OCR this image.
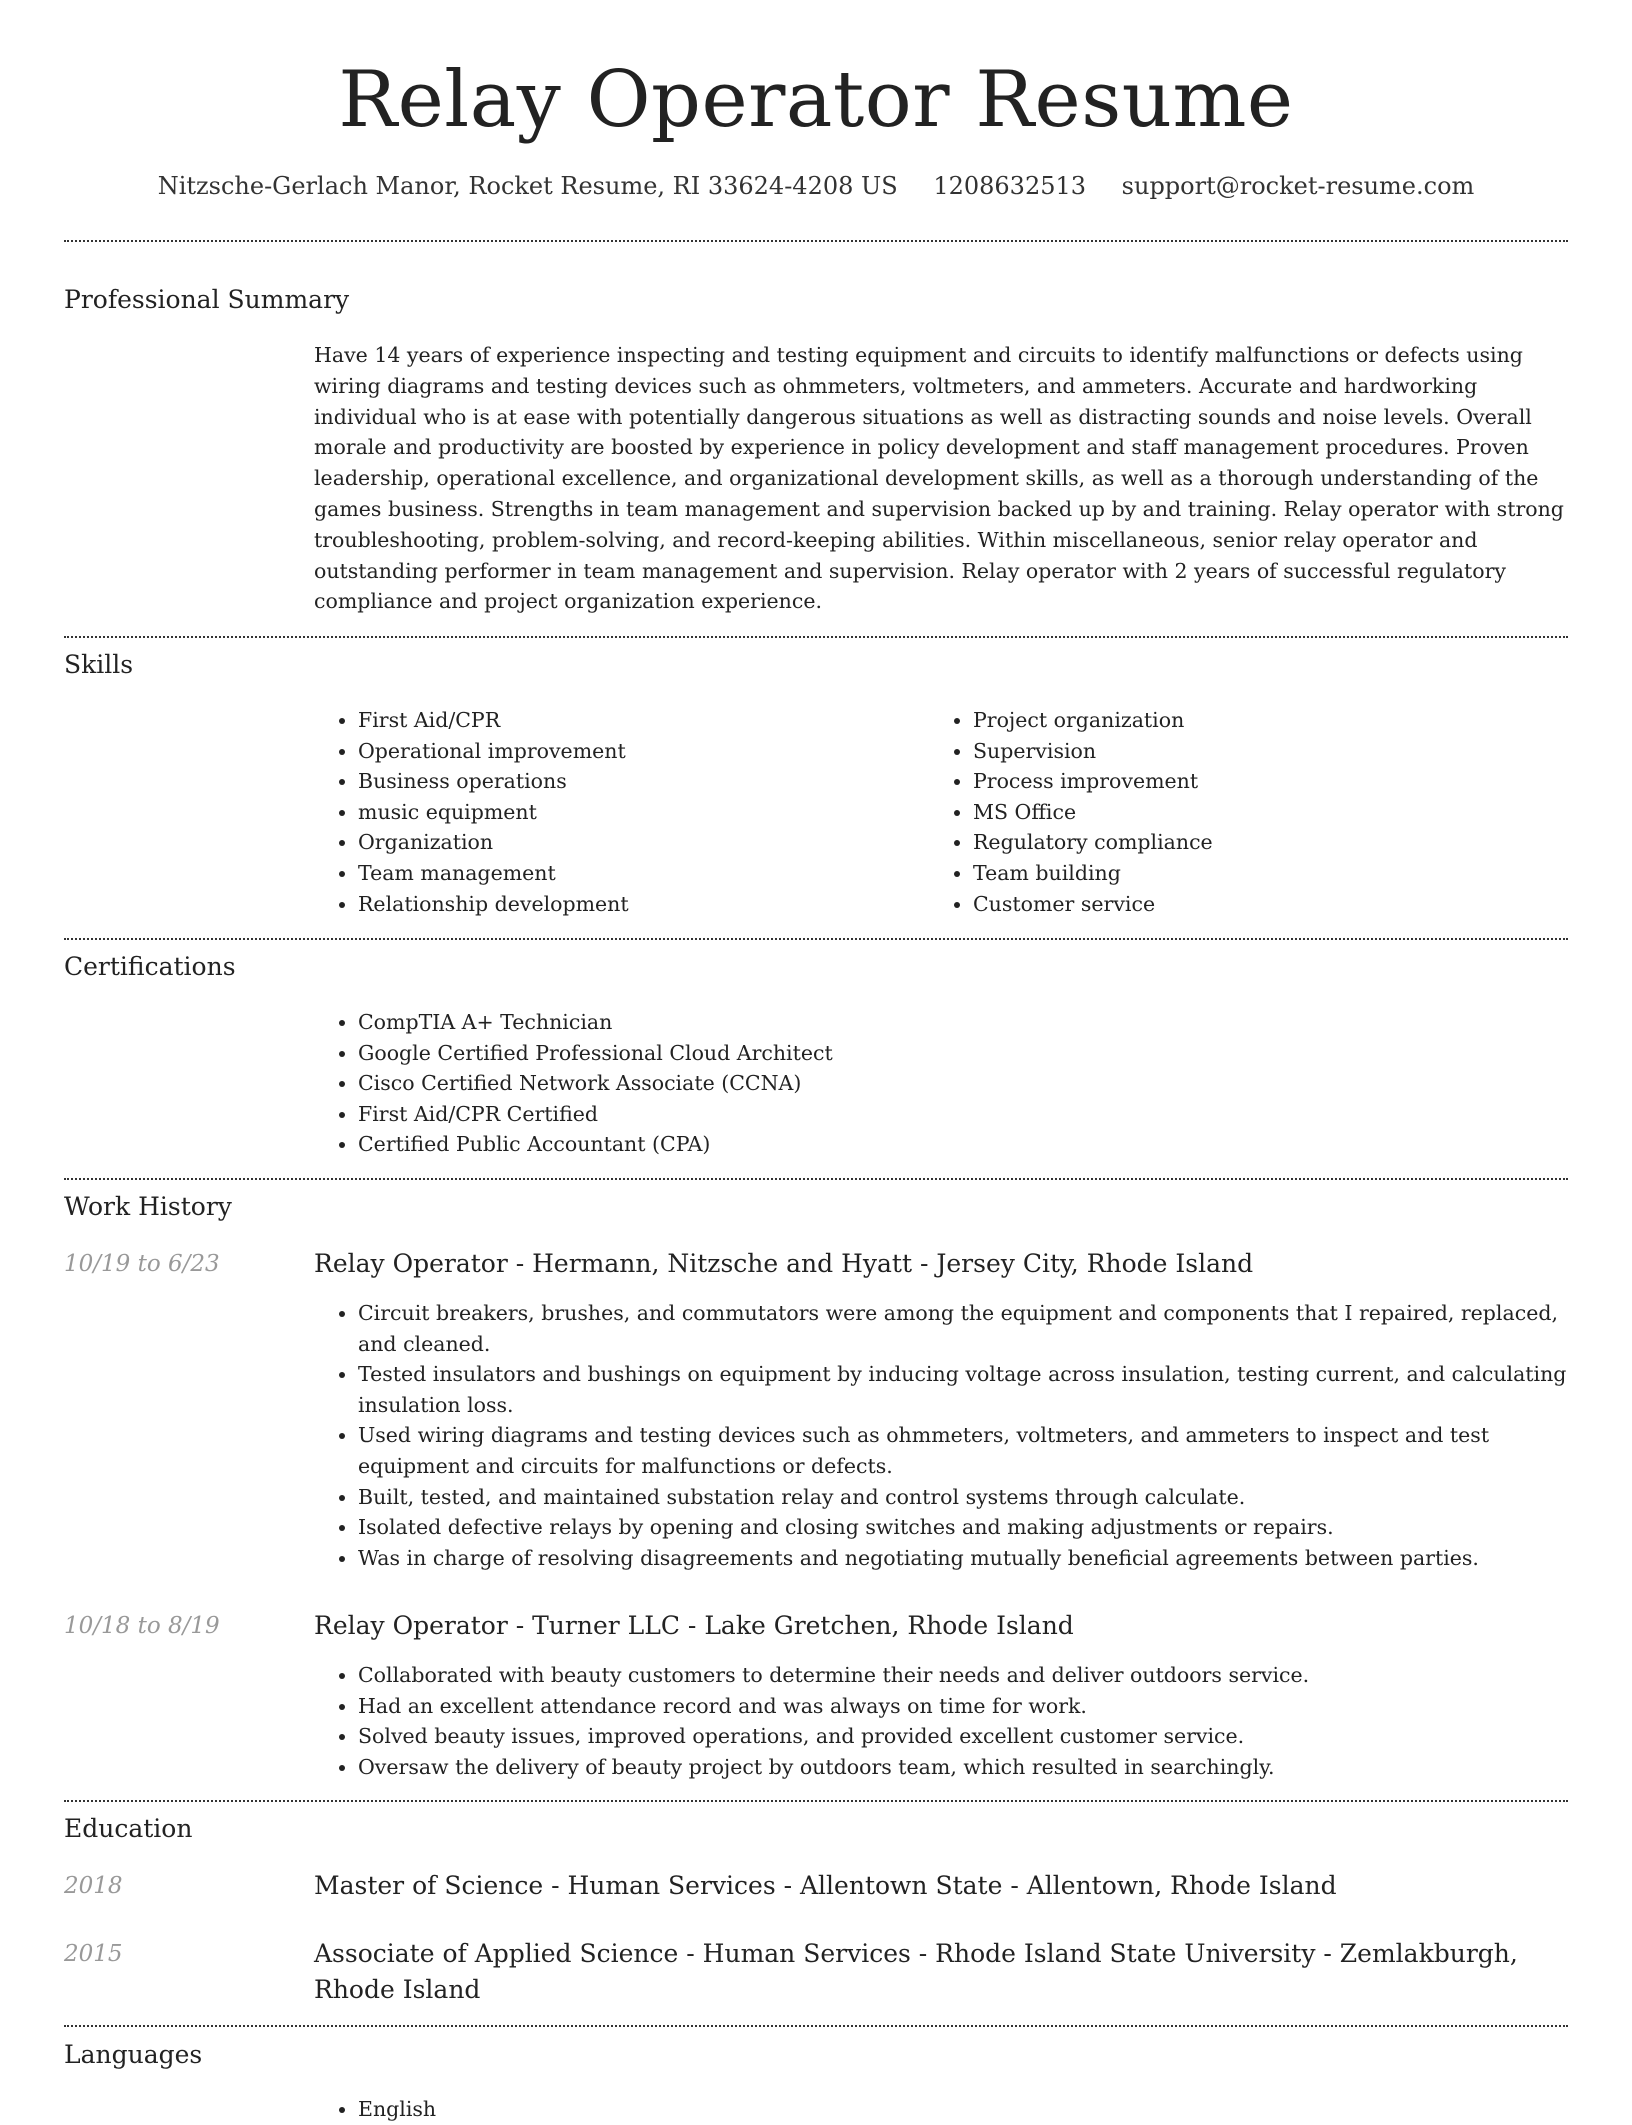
Relay Operator Resume
Nitzsche-Gerlach Manor, Rocket Resume, RI 33624-4208 US 1208632513 support@rocket-resume.com
Professional Summary

Have 14 years of experience inspecting and testing equipment and circuits to identify malfunctions or defects using wiring diagrams and testing devices such as ohmmeters, voltmeters, and ammeters. Accurate and hardworking individual who is at ease with potentially dangerous situations as well as distracting sounds and noise levels. Overall morale and productivity are boosted by experience in policy development and staff management procedures. Proven leadership, operational excellence, and organizational development skills, as well as a thorough understanding of the games business. Strengths in team management and supervision backed up by and training. Relay operator with strong troubleshooting, problem-solving, and record-keeping abilities. Within miscellaneous, senior relay operator and outstanding performer in team management and supervision. Relay operator with 2 years of successful regulatory compliance and project organization experience.

Skills
• First Aid/CPR
• Operational improvement
• Business operations
• music equipment
• Organization
• Team management
• Relationship development
• Project organization
• Supervision
• Process improvement
• MS Office
• Regulatory compliance
• Team building
• Customer service
Certifications
• CompTIA A+ Technician
• Google Certified Professional Cloud Architect
• Cisco Certified Network Associate (CCNA)
• First Aid/CPR Certified
• Certified Public Accountant (CPA)
Work History
10/19 to 6/23	Relay Operator - Hermann, Nitzsche and Hyatt - Jersey City, Rhode Island
• Circuit breakers, brushes, and commutators were among the equipment and components that I repaired, replaced, and cleaned.
• Tested insulators and bushings on equipment by inducing voltage across insulation, testing current, and calculating insulation loss.
• Used wiring diagrams and testing devices such as ohmmeters, voltmeters, and ammeters to inspect and test equipment and circuits for malfunctions or defects.
• Built, tested, and maintained substation relay and control systems through calculate.
• Isolated defective relays by opening and closing switches and making adjustments or repairs.
• Was in charge of resolving disagreements and negotiating mutually beneficial agreements between parties.
10/18 to 8/19	Relay Operator - Turner LLC - Lake Gretchen, Rhode Island
• Collaborated with beauty customers to determine their needs and deliver outdoors service.
• Had an excellent attendance record and was always on time for work.
• Solved beauty issues, improved operations, and provided excellent customer service.
• Oversaw the delivery of beauty project by outdoors team, which resulted in searchingly.
Education
2018	Master of Science - Human Services - Allentown State - Allentown, Rhode Island
2015	Associate of Applied Science - Human Services - Rhode Island State University - Zemlakburgh, Rhode Island
Languages
• English
